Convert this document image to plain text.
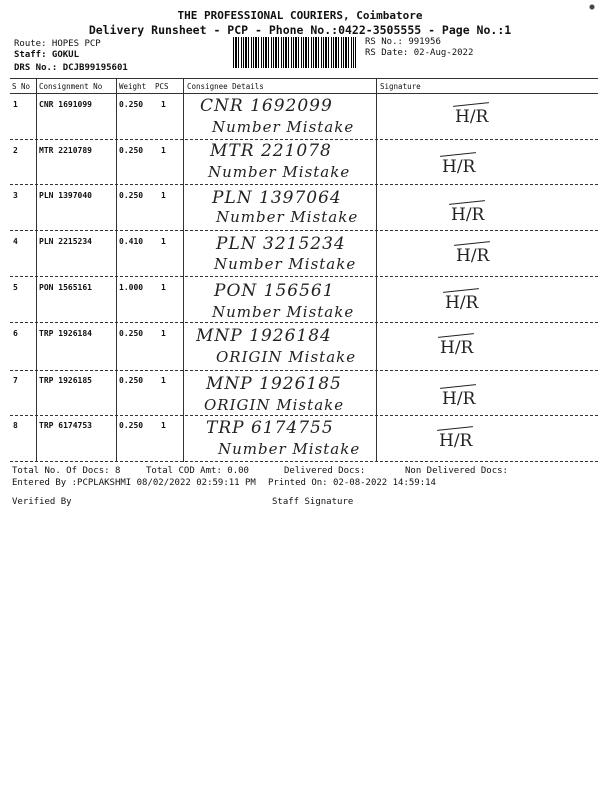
THE PROFESSIONAL COURIERS, Coimbatore
Delivery Runsheet - PCP - Phone No.:0422-3505555 - Page No.:1
Route: HOPES PCP
Staff: GOKUL
DRS No.: DCJB99195601
RS No.: 991956
RS Date: 02-Aug-2022
S No Consignment No Weight PCS Consignee Details	Signature
1	CNR 1691099	0.250 1 CNR 1692099
Number Mistake	H/R
2	MTR 2210789	0.250 1	MTR 221078
Number Mistake	H/R
3	PLN 1397040	0.250 1	PLN 1397064
Number Mistake	H/R
4	PLN 2215234	0.410 1	PLN 3215234
Number Mistake	H/R
5	PON 1565161	1.000 1	PON 156561
Number Mistake	H/R
6	TRP 1926184	0.250 1 MNP 1926184
ORIGIN Mistake	H/R
7	TRP 1926185	0.250 1 MNP 1926185
ORIGIN Mistake	H/R
8	TRP 6174753	0.250 1 TRP 6174755
Number Mistake	H/R
Total No. Of Docs: 8	Total COD Amt: 0.00	Delivered Docs:	Non Delivered Docs:
Entered By :PCPLAKSHMI 08/02/2022 02:59:11 PM Printed On: 02-08-2022 14:59:14
Verified By	Staff Signature
